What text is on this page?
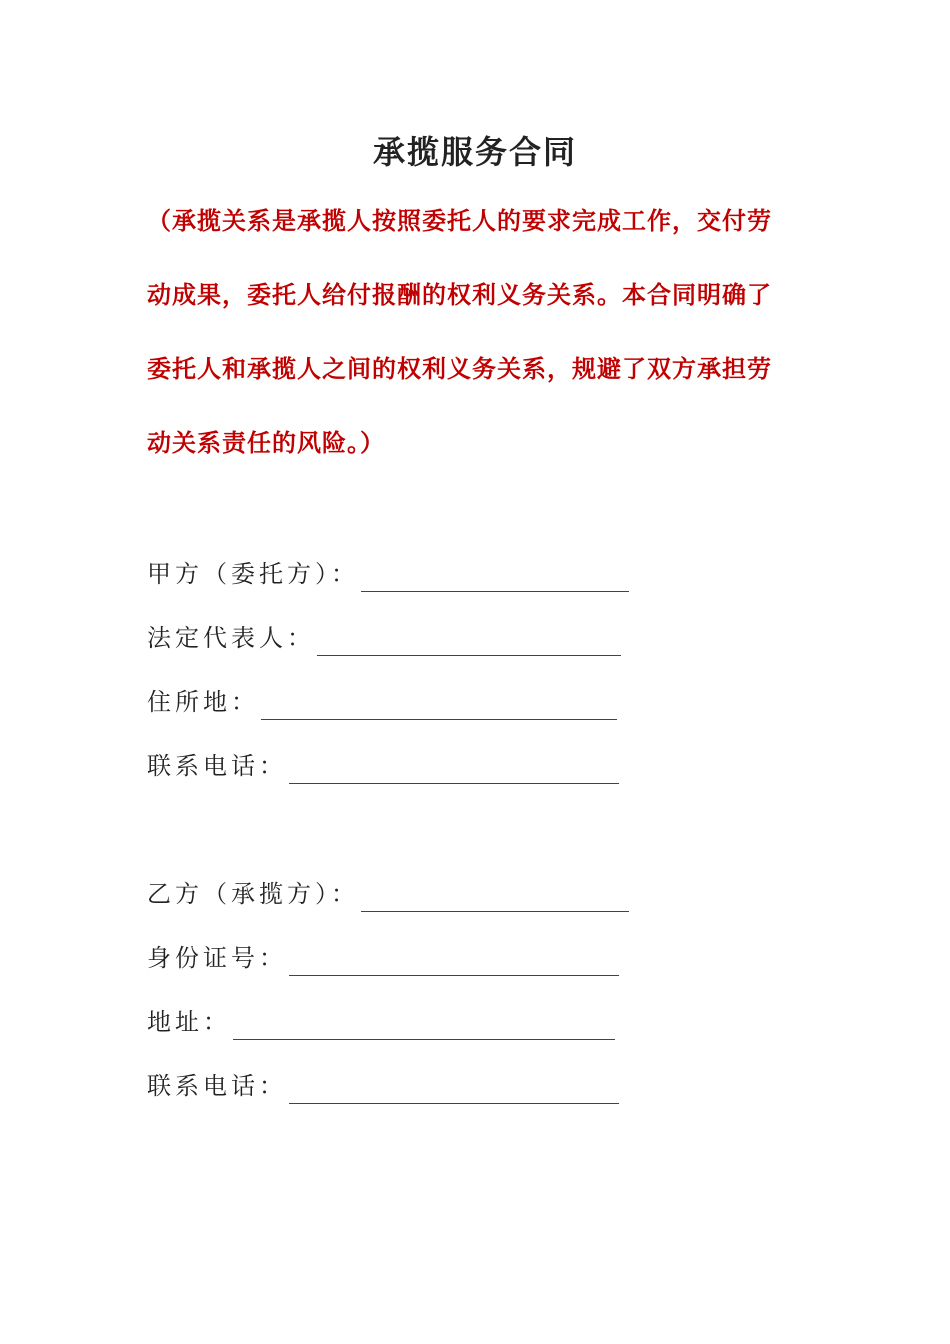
承揽服务合同
（承揽关系是承揽人按照委托人的要求完成工作，交付劳
动成果，委托人给付报酬的权利义务关系。本合同明确了
委托人和承揽人之间的权利义务关系，规避了双方承担劳
动关系责任的风险。）
甲方（委托方）：
法定代表人：
住所地：
联系电话：
乙方（承揽方）：
身份证号：
地址：
联系电话：
